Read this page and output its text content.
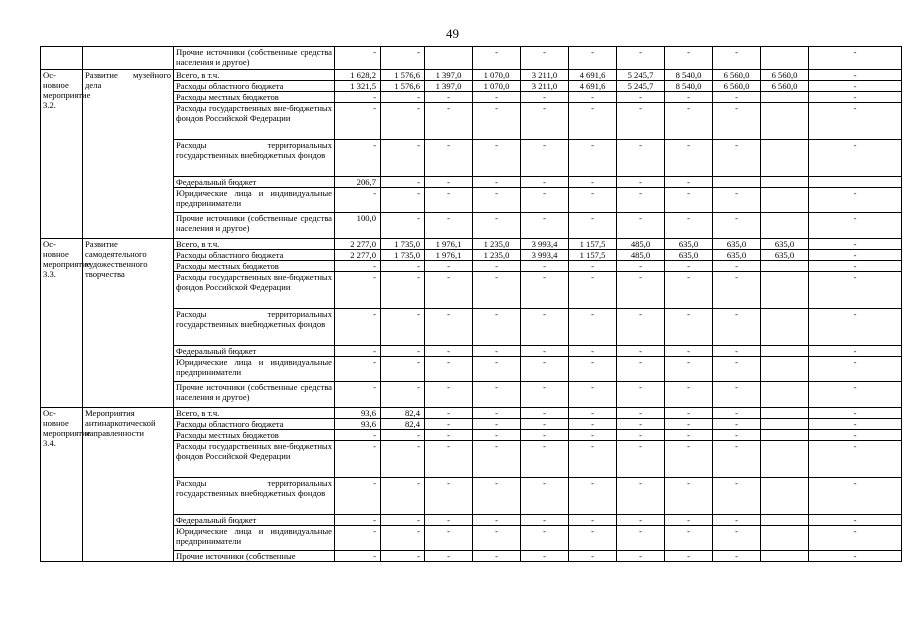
49
		Прочие источники (собственные средства населения и другое)	-	-		-	-	-	-	-	-		-
Ос-новное мероприятие 3.2.	Развитие музейного дела	Всего, в т.ч.	1 628,2	1 576,6	1 397,0	1 070,0	3 211,0	4 691,6	5 245,7	8 540,0	6 560,0	6 560,0	-
		Расходы областного бюджета	1 321,5	1 576,6	1 397,0	1 070,0	3 211,0	4 691,6	5 245,7	8 540,0	6 560,0	6 560,0	-
		Расходы местных бюджетов	-	-	-	-	-	-	-	-	-		-
		Расходы государственных вне-бюджетных фондов Российской Федерации	-	-	-	-	-	-	-	-	-		-
		Расходы территориальных государственных внебюджетных фондов	-	-	-	-	-	-	-	-	-		-
		Федеральный бюджет	206,7	-	-	-	-	-	-	-			
		Юридические лица и индивидуальные предприниматели	-	-	-	-	-	-	-	-	-		-
		Прочие источники (собственные средства населения и другое)	100,0	-	-	-	-	-	-	-	-		-
Ос-новное мероприятие 3.3.	Развитие самодеятельного художественного творчества	Всего, в т.ч.	2 277,0	1 735,0	1 976,1	1 235,0	3 993,4	1 157,5	485,0	635,0	635,0	635,0	-
		Расходы областного бюджета	2 277,0	1 735,0	1 976,1	1 235,0	3 993,4	1 157,5	485,0	635,0	635,0	635,0	-
		Расходы местных бюджетов	-	-	-	-	-	-	-	-	-		-
		Расходы государственных вне-бюджетных фондов Российской Федерации	-	-	-	-	-	-	-	-	-		-
		Расходы территориальных государственных внебюджетных фондов	-	-	-	-	-	-	-	-	-		-
		Федеральный бюджет	-	-	-	-	-	-	-	-	-		-
		Юридические лица и индивидуальные предприниматели	-	-	-	-	-	-	-	-	-		-
		Прочие источники (собственные средства населения и другое)	-	-	-	-	-	-	-	-	-		-
Ос-новное мероприятие 3.4.	Мероприятия антинаркотической направленности	Всего, в т.ч.	93,6	82,4	-	-	-	-	-	-	-		-
		Расходы областного бюджета	93,6	82,4	-	-	-	-	-	-	-		-
		Расходы местных бюджетов	-	-	-	-	-	-	-	-	-		-
		Расходы государственных вне-бюджетных фондов Российской Федерации	-	-	-	-	-	-	-	-	-		-
		Расходы территориальных государственных внебюджетных фондов	-	-	-	-	-	-	-	-	-		-
		Федеральный бюджет	-	-	-	-	-	-	-	-	-		-
		Юридические лица и индивидуальные предприниматели	-	-	-	-	-	-	-	-	-		-
		Прочие источники (собственные	-	-	-	-	-	-	-	-	-		-
